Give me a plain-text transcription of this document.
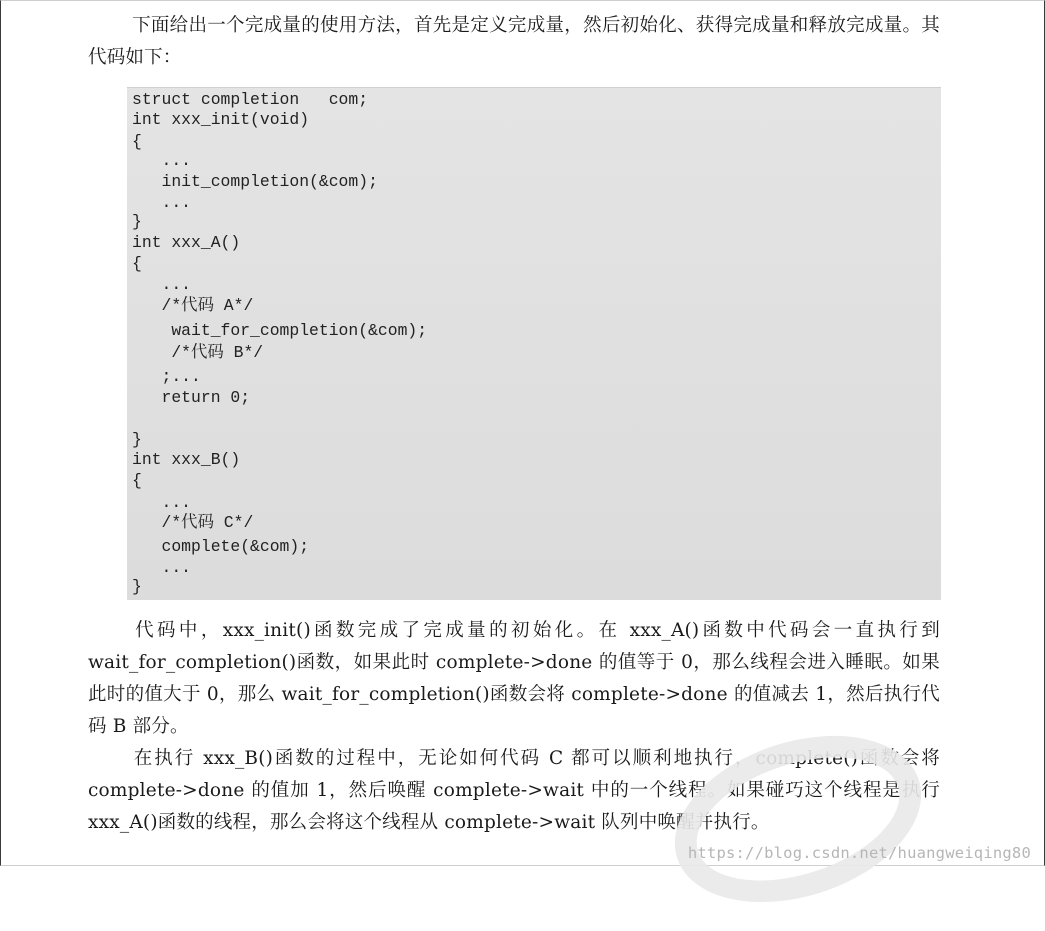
下面给出一个完成量的使用方法，首先是定义完成量，然后初始化、获得完成量和释放完成量。其代码如下：

struct completion   com;
int xxx_init(void)
{
...
init_completion(&com);
...
}
int xxx_A()
{
...
/*代码 A*/
wait_for_completion(&com);
/*代码 B*/
;...
return 0;
}
int xxx_B()
{
...
/*代码 C*/
complete(&com);
...
}

代码中，xxx_init()函数完成了完成量的初始化。在 xxx_A()函数中代码会一直执行到 wait_for_completion()函数，如果此时 complete->done 的值等于 0，那么线程会进入睡眠。如果此时的值大于 0，那么 wait_for_completion()函数会将 complete->done 的值减去 1，然后执行代码 B 部分。

在执行 xxx_B()函数的过程中，无论如何代码 C 都可以顺利地执行，complete()函数会将 complete->done 的值加 1，然后唤醒 complete->wait 中的一个线程。如果碰巧这个线程是执行 xxx_A()函数的线程，那么会将这个线程从 complete->wait 队列中唤醒并执行。

https://blog.csdn.net/huangweiqing80
